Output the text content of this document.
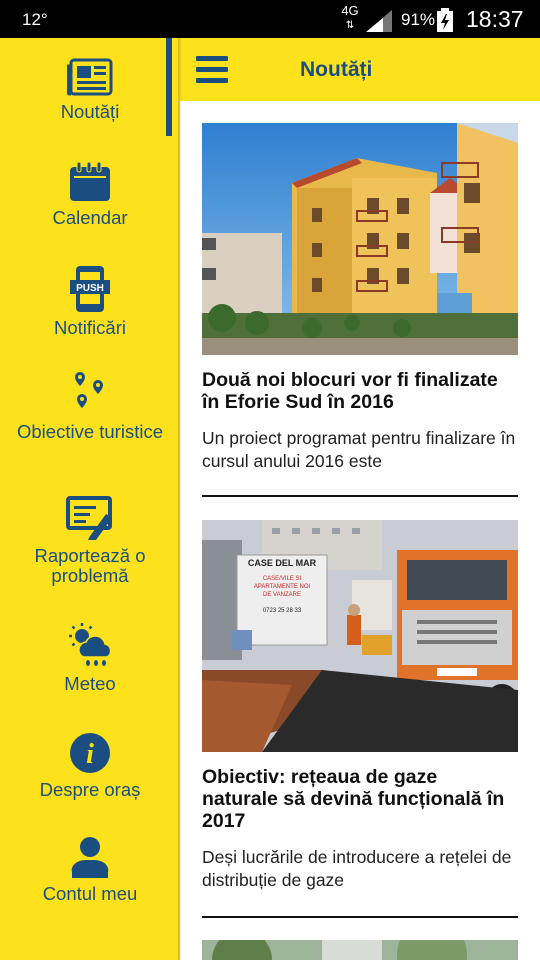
12°	4G
⇅	91% 18:37
Noutăți
Calendar
PUSH
Notificări
Obiective turistice
Raportează o problemă
Meteo
i
Despre oraș
Contul meu
Noutăți
Două noi blocuri vor fi finalizate în Eforie Sud în 2016
Un proiect programat pentru finalizare în cursul anului 2016 este
CASE DEL MAR
CASE/VILE SI
APARTAMENTE NOI
DE VANZARE
0723 25 28 33
Obiectiv: rețeaua de gaze naturale să devină funcțională în 2017
Deși lucrările de introducere a rețelei de distribuție de gaze
